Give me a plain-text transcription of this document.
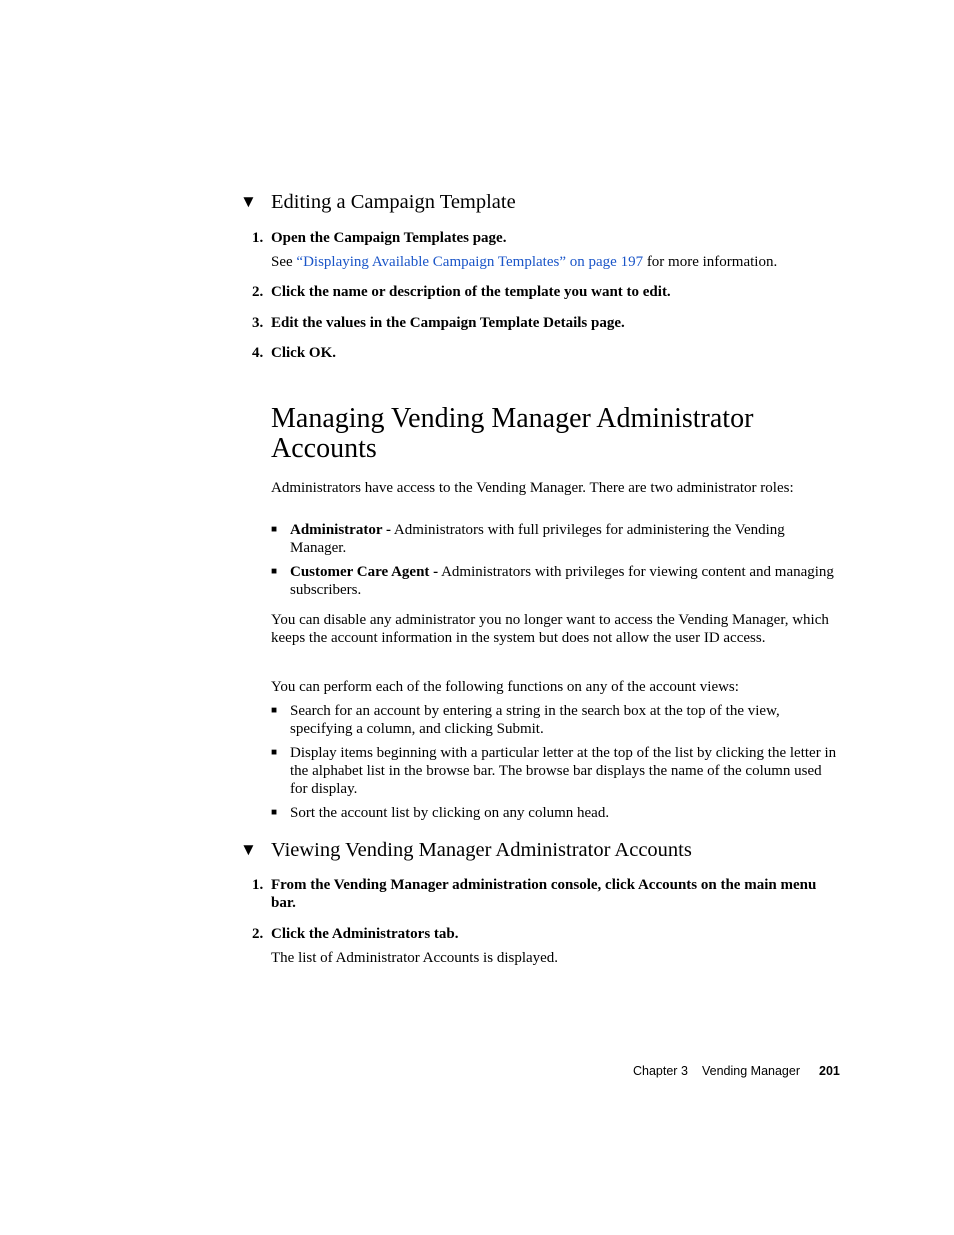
▼ Editing a Campaign Template
1. Open the Campaign Templates page.
See “Displaying Available Campaign Templates” on page 197 for more information.
2. Click the name or description of the template you want to edit.
3. Edit the values in the Campaign Template Details page.
4. Click OK.
Managing Vending Manager Administrator Accounts
Administrators have access to the Vending Manager. There are two administrator roles:
■ Administrator - Administrators with full privileges for administering the Vending Manager.
■ Customer Care Agent - Administrators with privileges for viewing content and managing subscribers.
You can disable any administrator you no longer want to access the Vending Manager, which keeps the account information in the system but does not allow the user ID access.
You can perform each of the following functions on any of the account views:
■ Search for an account by entering a string in the search box at the top of the view, specifying a column, and clicking Submit.
■ Display items beginning with a particular letter at the top of the list by clicking the letter in the alphabet list in the browse bar. The browse bar displays the name of the column used for display.
■ Sort the account list by clicking on any column head.
▼ Viewing Vending Manager Administrator Accounts
1. From the Vending Manager administration console, click Accounts on the main menu bar.
2. Click the Administrators tab.
The list of Administrator Accounts is displayed.
Chapter 3 Vending Manager 201
